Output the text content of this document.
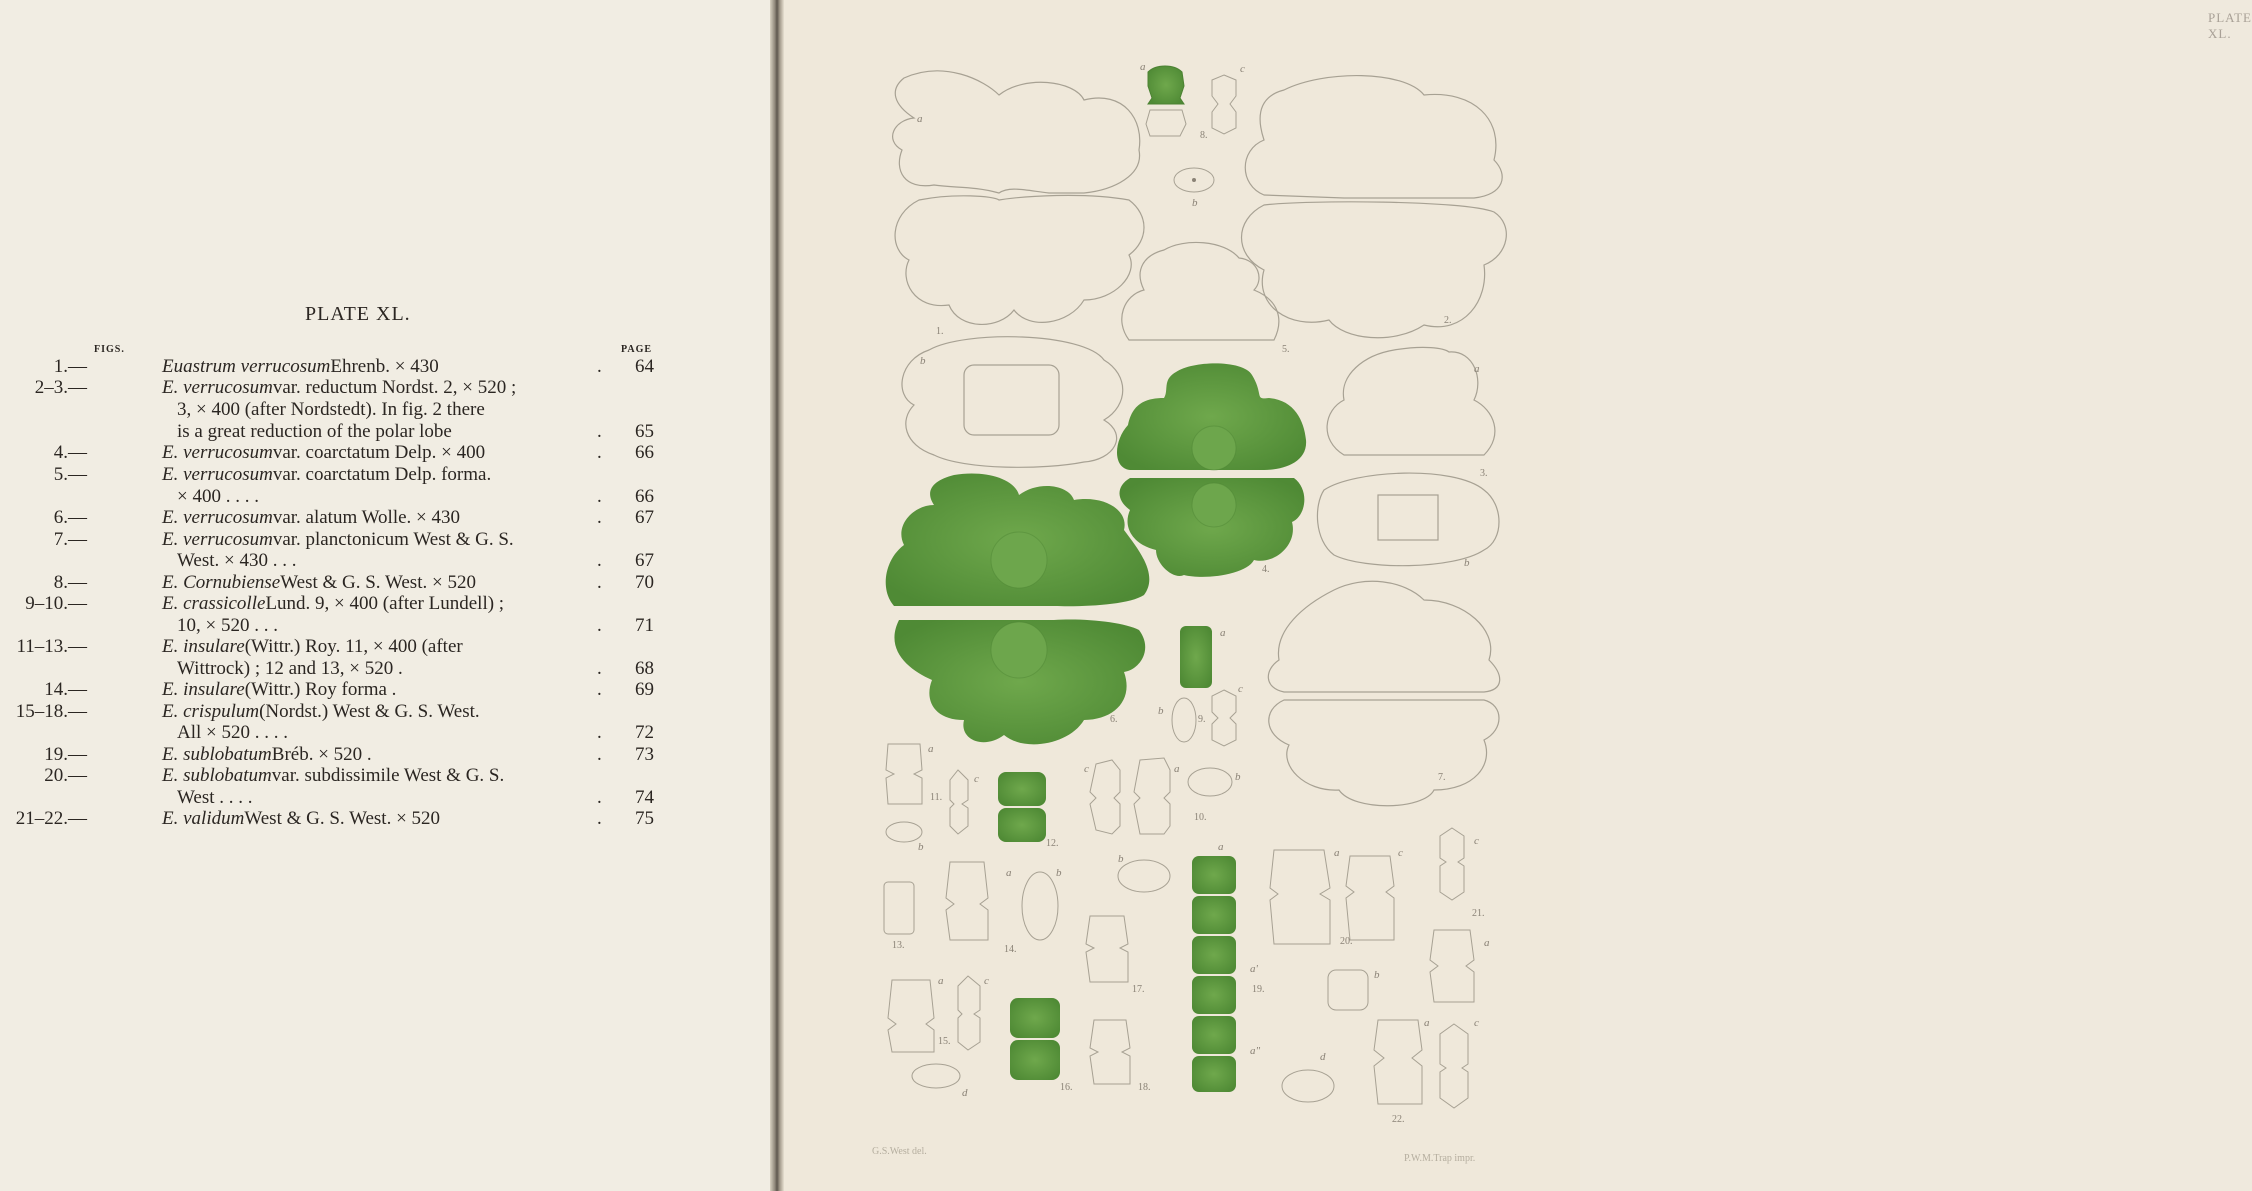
PLATE XL.
FIGS.	PAGE
1.—	Euastrum verrucosum Ehrenb. × 430	. 64
2–3.—	E. verrucosum var. reductum Nordst. 2, × 520 ;
3, × 400 (after Nordstedt). In fig. 2 there
is a great reduction of the polar lobe	. 65
4.—	E. verrucosum var. coarctatum Delp. × 400	. 66
5.—	E. verrucosum var. coarctatum Delp. forma.
× 400 . . . .	. 66
6.—	E. verrucosum var. alatum Wolle. × 430	. 67
7.—	E. verrucosum var. planctonicum West & G. S.
West. × 430 . . .	. 67
8.—	E. Cornubiense West & G. S. West. × 520	. 70
9–10.—	E. crassicolle Lund. 9, × 400 (after Lundell) ;
10, × 520 . . .	. 71
11–13.—	E. insulare (Wittr.) Roy. 11, × 400 (after
Wittrock) ; 12 and 13, × 520 .	. 68
14.—	E. insulare (Wittr.) Roy forma .	. 69
15–18.—	E. crispulum (Nordst.) West & G. S. West.
All × 520 . . . .	. 72
19.—	E. sublobatum Bréb. × 520 .	. 73
20.—	E. sublobatum var. subdissimile West & G. S.
West . . . .	. 74
21–22.—	E. validum West & G. S. West. × 520	. 75
PLATE XL.
a
1.
2.
a
3.
b
5.
b
7.
a	c
8.
b
4.
6.
a
b
c
9.
c	a
b
10.
a
c
11.
b	12.
13.
a	b
14.
a	c
15.
d	16.
17.
18.
b
a
a'
19.
a"
a	c
20.
b
c
21.
a
a	c
d
22.
G.S.West del.
P.W.M.Trap impr.
